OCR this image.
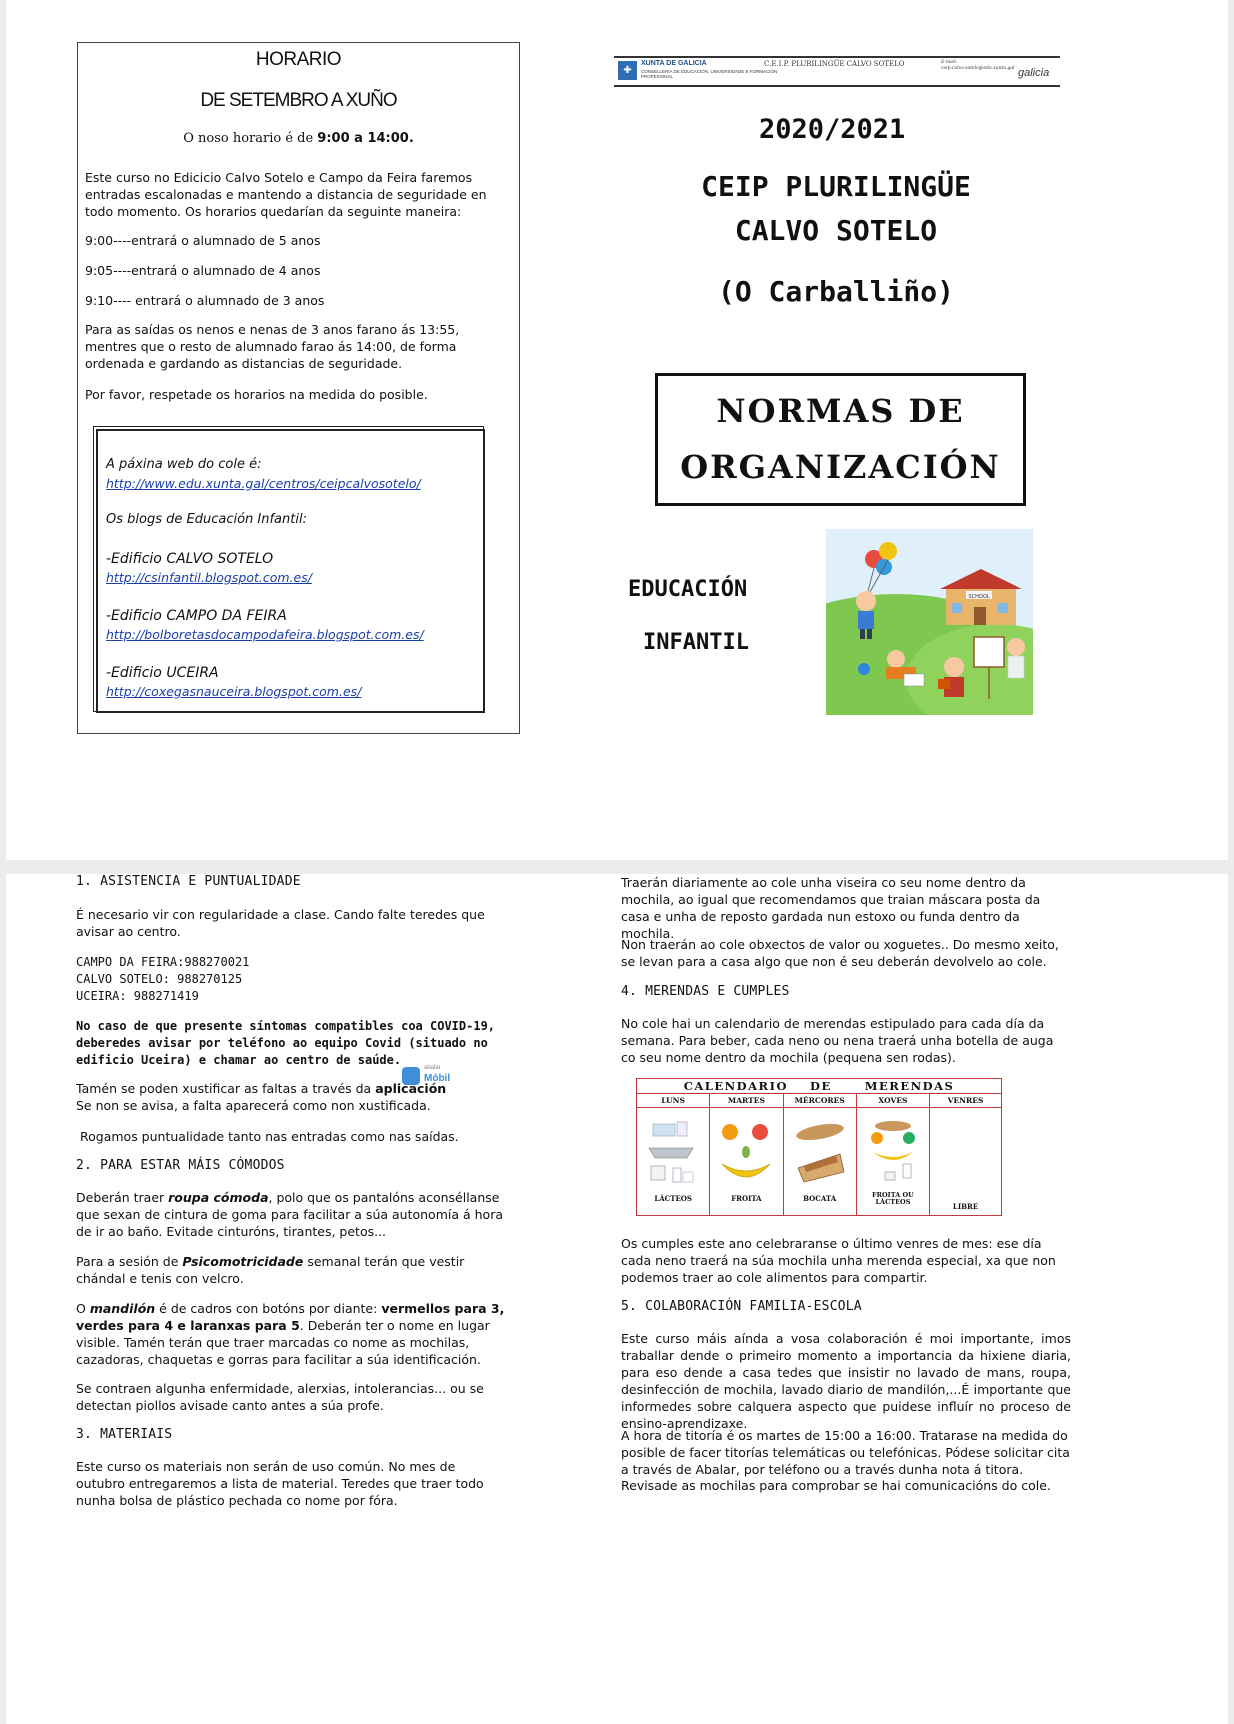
HORARIO
DE SETEMBRO A XUÑO
O noso horario é de 9:00 a 14:00.

Este curso no Edicicio Calvo Sotelo e Campo da Feira faremos entradas escalonadas e mantendo a distancia de seguridade en todo momento. Os horarios quedarían da seguinte maneira:

9:00----entrará o alumnado de 5 anos

9:05----entrará o alumnado de 4 anos

9:10---- entrará o alumnado de 3 anos

Para as saídas os nenos e nenas de 3 anos farano ás 13:55, mentres que o resto de alumnado farao ás 14:00, de forma ordenada e gardando as distancias de seguridade.

Por favor, respetade os horarios na medida do posible.

A páxina web do cole é:
http://www.edu.xunta.gal/centros/ceipcalvosotelo/
Os blogs de Educación Infantil:
-Edificio CALVO SOTELO
http://csinfantil.blogspot.com.es/
-Edificio CAMPO DA FEIRA
http://bolboretasdocampodafeira.blogspot.com.es/
-Edificio UCEIRA
http://coxegasnauceira.blogspot.com.es/
✚
XUNTA DE GALICIA
CONSELLERÍA DE EDUCACIÓN, UNIVERSIDADE E FORMACIÓN PROFESIONAL
C.E.I.P. PLURILINGÜE CALVO SOTELO	E-mail: ceip.calvo.sotelo@edu.xunta.gal galicia
2020/2021
CEIP PLURILINGÜE
CALVO SOTELO
(O Carballiño)
NORMAS DE
ORGANIZACIÓN
EDUCACIÓN
INFANTIL
SCHOOL
1. ASISTENCIA E PUNTUALIDADE

É necesario vir con regularidade a clase. Cando falte teredes que avisar ao centro.

CAMPO DA FEIRA:988270021

CALVO SOTELO: 988270125

UCEIRA: 988271419

No caso de que presente síntomas compatibles coa COVID-19, deberedes avisar por teléfono ao equipo Covid (situado no edificio Uceira) e chamar ao centro de saúde.

abalar
Móbil

Tamén se poden xustificar as faltas a través da aplicación Se non se avisa, a falta aparecerá como non xustificada.

Rogamos puntualidade tanto nas entradas como nas saídas.

2. PARA ESTAR MÁIS CÓMODOS

Deberán traer roupa cómoda, polo que os pantalóns aconséllanse que sexan de cintura de goma para facilitar a súa autonomía á hora de ir ao baño. Evitade cinturóns, tirantes, petos...

Para a sesión de Psicomotricidade semanal terán que vestir chándal e tenis con velcro.

O mandilón é de cadros con botóns por diante: vermellos para 3, verdes para 4 e laranxas para 5. Deberán ter o nome en lugar visible. Tamén terán que traer marcadas co nome as mochilas, cazadoras, chaquetas e gorras para facilitar a súa identificación.

Se contraen algunha enfermidade, alerxias, intolerancias... ou se detectan piollos avisade canto antes a súa profe.

3. MATERIAIS

Este curso os materiais non serán de uso común. No mes de outubro entregaremos a lista de material. Teredes que traer todo nunha bolsa de plástico pechada co nome por fóra.

Traerán diariamente ao cole unha viseira co seu nome dentro da mochila, ao igual que recomendamos que traian máscara posta da casa e unha de reposto gardada nun estoxo ou funda dentro da mochila.

Non traerán ao cole obxectos de valor ou xoguetes.. Do mesmo xeito, se levan para a casa algo que non é seu deberán devolvelo ao cole.

4. MERENDAS E CUMPLES

No cole hai un calendario de merendas estipulado para cada día da semana. Para beber, cada neno ou nena traerá unha botella de auga co seu nome dentro da mochila (pequena sen rodas).

CALENDARIO DE MERENDAS				
LUNS	MARTES	MÉRCORES	XOVES	VENRES

LÁCTEOS	FROITA	BOCATA	FROITA OU LÁCTEOS	LIBRE

Os cumples este ano celebraranse o último venres de mes: ese día cada neno traerá na súa mochila unha merenda especial, xa que non podemos traer ao cole alimentos para compartir.

5. COLABORACIÓN FAMILIA-ESCOLA

Este curso máis aínda a vosa colaboración é moi importante, imos traballar dende o primeiro momento a importancia da hixiene diaria, para eso dende a casa tedes que insistir no lavado de mans, roupa, desinfección de mochila, lavado diario de mandilón,...É importante que informedes sobre calquera aspecto que puidese influír no proceso de ensino-aprendizaxe.

A hora de titoría é os martes de 15:00 a 16:00. Tratarase na medida do posible de facer titorías telemáticas ou telefónicas. Pódese solicitar cita a través de Abalar, por teléfono ou a través dunha nota á titora.

Revisade as mochilas para comprobar se hai comunicacións do cole.
